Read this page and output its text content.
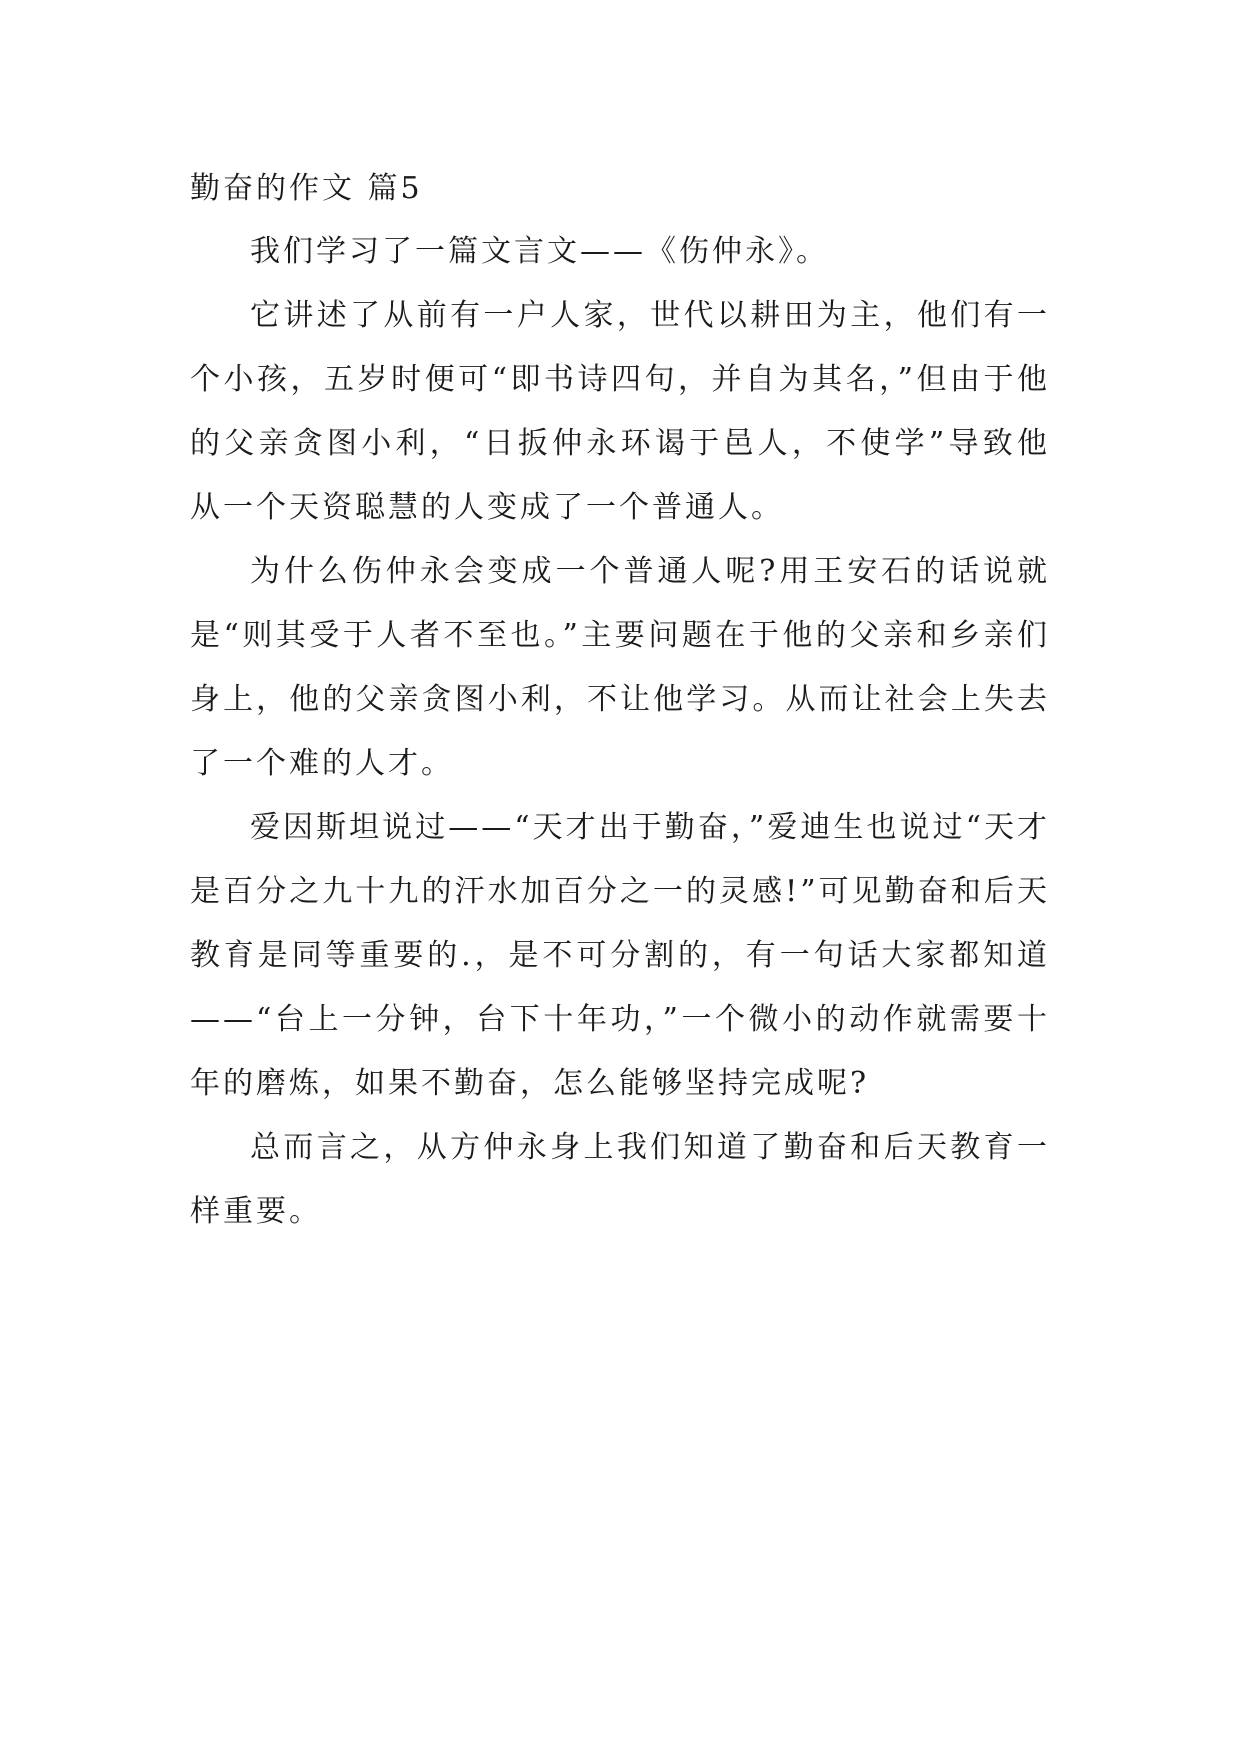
勤奋的作文 篇5

我们学习了一篇文言文——《伤仲永》。

它讲述了从前有一户人家，世代以耕田为主，他们有一个小孩，五岁时便可“即书诗四句，并自为其名，”但由于他的父亲贪图小利，“日扳仲永环谒于邑人，不使学”导致他从一个天资聪慧的人变成了一个普通人。

为什么伤仲永会变成一个普通人呢?用王安石的话说就是“则其受于人者不至也。”主要问题在于他的父亲和乡亲们身上，他的父亲贪图小利，不让他学习。从而让社会上失去了一个难的人才。

爱因斯坦说过——“天才出于勤奋，”爱迪生也说过“天才是百分之九十九的汗水加百分之一的灵感!”可见勤奋和后天教育是同等重要的.，是不可分割的，有一句话大家都知道——“台上一分钟，台下十年功，”一个微小的动作就需要十年的磨炼，如果不勤奋，怎么能够坚持完成呢?

总而言之，从方仲永身上我们知道了勤奋和后天教育一样重要。
